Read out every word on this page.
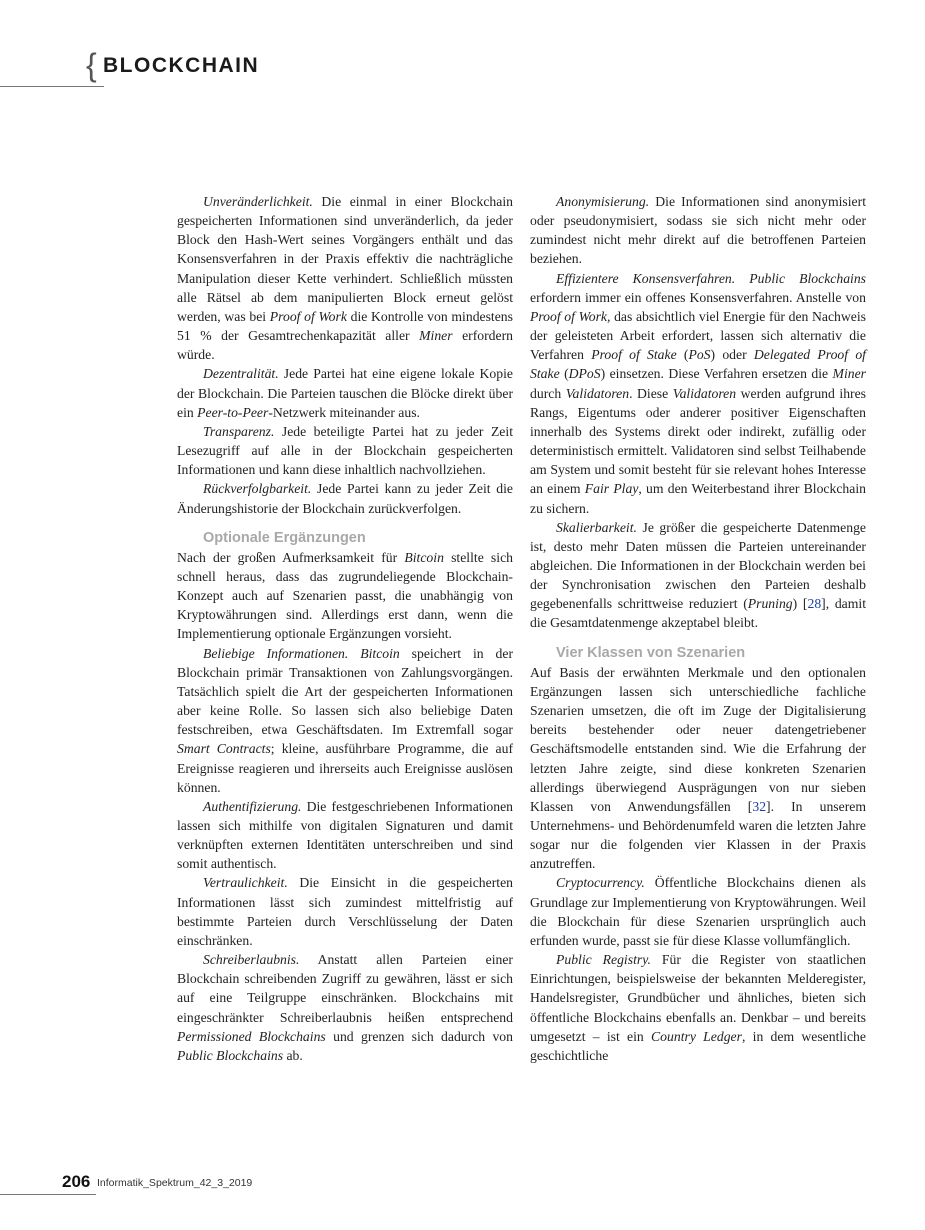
{ BLOCKCHAIN

Unveränderlichkeit. Die einmal in einer Blockchain gespeicherten Informationen sind unveränderlich, da jeder Block den Hash-Wert seines Vorgängers enthält und das Konsensverfahren in der Praxis effektiv die nachträgliche Manipulation dieser Kette verhindert. Schließlich müssten alle Rätsel ab dem manipulierten Block erneut gelöst werden, was bei Proof of Work die Kontrolle von mindestens 51 % der Gesamtrechenkapazität aller Miner erfordern würde.

Dezentralität. Jede Partei hat eine eigene lokale Kopie der Blockchain. Die Parteien tauschen die Blöcke direkt über ein Peer-to-Peer-Netzwerk miteinander aus.

Transparenz. Jede beteiligte Partei hat zu jeder Zeit Lesezugriff auf alle in der Blockchain gespeicherten Informationen und kann diese inhaltlich nachvollziehen.

Rückverfolgbarkeit. Jede Partei kann zu jeder Zeit die Änderungshistorie der Blockchain zurückverfolgen.

Optionale Ergänzungen

Nach der großen Aufmerksamkeit für Bitcoin stellte sich schnell heraus, dass das zugrundeliegende Blockchain-Konzept auch auf Szenarien passt, die unabhängig von Kryptowährungen sind. Allerdings erst dann, wenn die Implementierung optionale Ergänzungen vorsieht.

Beliebige Informationen. Bitcoin speichert in der Blockchain primär Transaktionen von Zahlungsvorgängen. Tatsächlich spielt die Art der gespeicherten Informationen aber keine Rolle. So lassen sich also beliebige Daten festschreiben, etwa Geschäftsdaten. Im Extremfall sogar Smart Contracts; kleine, ausführbare Programme, die auf Ereignisse reagieren und ihrerseits auch Ereignisse auslösen können.

Authentifizierung. Die festgeschriebenen Informationen lassen sich mithilfe von digitalen Signaturen und damit verknüpften externen Identitäten unterschreiben und sind somit authentisch.

Vertraulichkeit. Die Einsicht in die gespeicherten Informationen lässt sich zumindest mittelfristig auf bestimmte Parteien durch Verschlüsselung der Daten einschränken.

Schreiberlaubnis. Anstatt allen Parteien einer Blockchain schreibenden Zugriff zu gewähren, lässt er sich auf eine Teilgruppe einschränken. Blockchains mit eingeschränkter Schreiberlaubnis heißen entsprechend Permissioned Blockchains und grenzen sich dadurch von Public Blockchains ab.

Anonymisierung. Die Informationen sind anonymisiert oder pseudonymisiert, sodass sie sich nicht mehr oder zumindest nicht mehr direkt auf die betroffenen Parteien beziehen.

Effizientere Konsensverfahren. Public Blockchains erfordern immer ein offenes Konsensverfahren. Anstelle von Proof of Work, das absichtlich viel Energie für den Nachweis der geleisteten Arbeit erfordert, lassen sich alternativ die Verfahren Proof of Stake (PoS) oder Delegated Proof of Stake (DPoS) einsetzen. Diese Verfahren ersetzen die Miner durch Validatoren. Diese Validatoren werden aufgrund ihres Rangs, Eigentums oder anderer positiver Eigenschaften innerhalb des Systems direkt oder indirekt, zufällig oder deterministisch ermittelt. Validatoren sind selbst Teilhabende am System und somit besteht für sie relevant hohes Interesse an einem Fair Play, um den Weiterbestand ihrer Blockchain zu sichern.

Skalierbarkeit. Je größer die gespeicherte Datenmenge ist, desto mehr Daten müssen die Parteien untereinander abgleichen. Die Informationen in der Blockchain werden bei der Synchronisation zwischen den Parteien deshalb gegebenenfalls schrittweise reduziert (Pruning) [28], damit die Gesamtdatenmenge akzeptabel bleibt.

Vier Klassen von Szenarien

Auf Basis der erwähnten Merkmale und den optionalen Ergänzungen lassen sich unterschiedliche fachliche Szenarien umsetzen, die oft im Zuge der Digitalisierung bereits bestehender oder neuer datengetriebener Geschäftsmodelle entstanden sind. Wie die Erfahrung der letzten Jahre zeigte, sind diese konkreten Szenarien allerdings überwiegend Ausprägungen von nur sieben Klassen von Anwendungsfällen [32]. In unserem Unternehmens- und Behördenumfeld waren die letzten Jahre sogar nur die folgenden vier Klassen in der Praxis anzutreffen.

Cryptocurrency. Öffentliche Blockchains dienen als Grundlage zur Implementierung von Kryptowährungen. Weil die Blockchain für diese Szenarien ursprünglich auch erfunden wurde, passt sie für diese Klasse vollumfänglich.

Public Registry. Für die Register von staatlichen Einrichtungen, beispielsweise der bekannten Melderegister, Handelsregister, Grundbücher und ähnliches, bieten sich öffentliche Blockchains ebenfalls an. Denkbar – und bereits umgesetzt – ist ein Country Ledger, in dem wesentliche geschichtliche

206 Informatik_Spektrum_42_3_2019
